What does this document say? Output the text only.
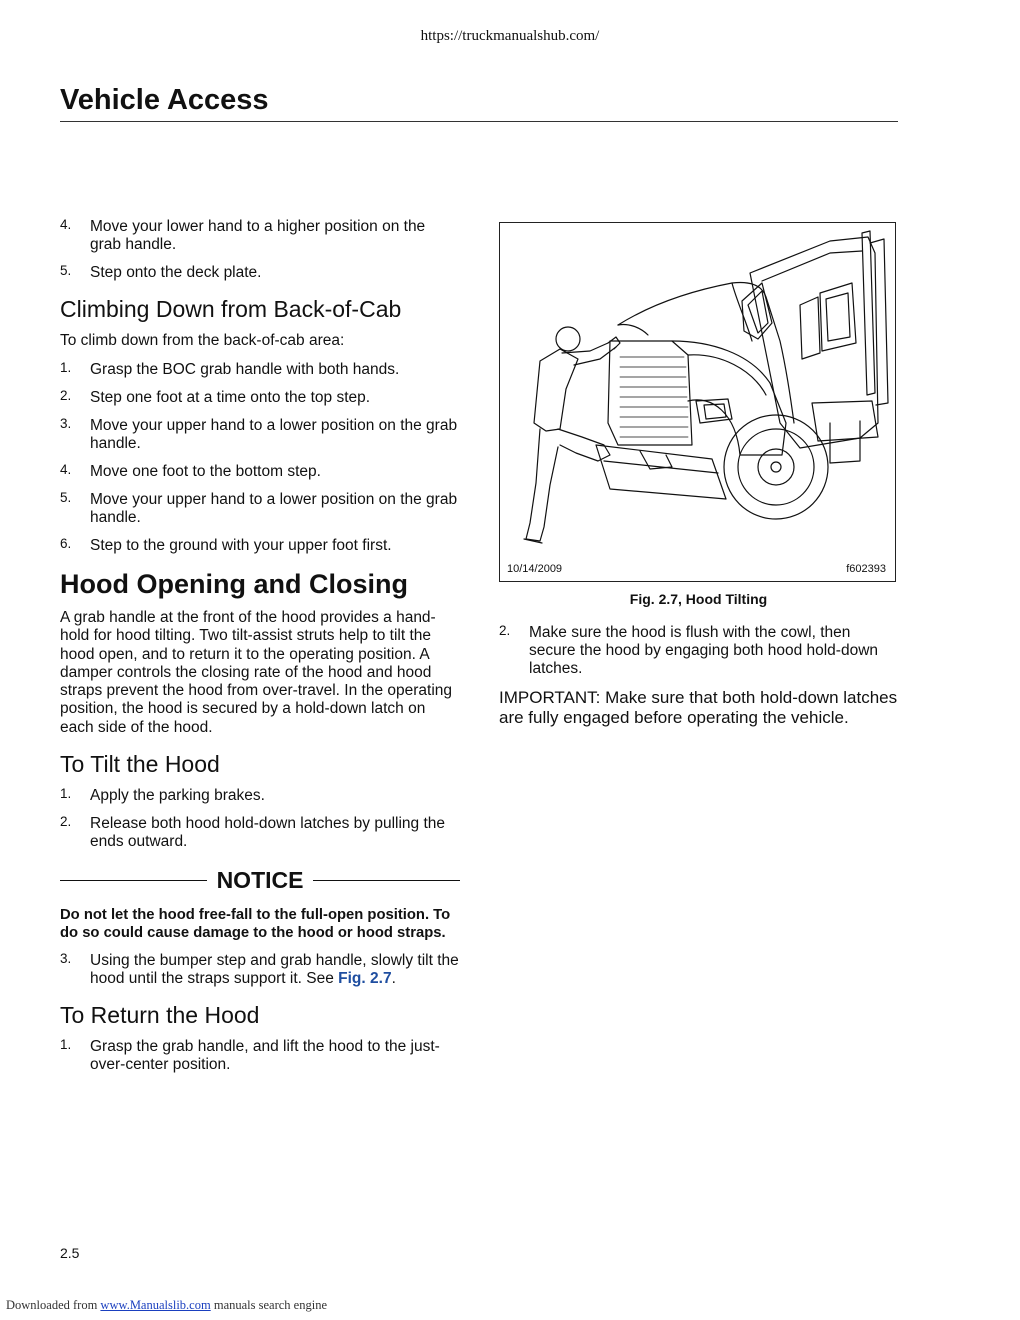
https://truckmanualshub.com/
Vehicle Access
4. Move your lower hand to a higher position on the grab handle.
5. Step onto the deck plate.
Climbing Down from Back-of-Cab

To climb down from the back-of-cab area:

1. Grasp the BOC grab handle with both hands.
2. Step one foot at a time onto the top step.
3. Move your upper hand to a lower position on the grab handle.
4. Move one foot to the bottom step.
5. Move your upper hand to a lower position on the grab handle.
6. Step to the ground with your upper foot first.
Hood Opening and Closing

A grab handle at the front of the hood provides a hand-hold for hood tilting. Two tilt-assist struts help to tilt the hood open, and to return it to the operating position. A damper controls the closing rate of the hood and hood straps prevent the hood from over-travel. In the operating position, the hood is secured by a hold-down latch on each side of the hood.

To Tilt the Hood
1. Apply the parking brakes.
2. Release both hood hold-down latches by pulling the ends outward.
NOTICE

Do not let the hood free-fall to the full-open position. To do so could cause damage to the hood or hood straps.

3. Using the bumper step and grab handle, slowly tilt the hood until the straps support it. See Fig. 2.7.
To Return the Hood
1. Grasp the grab handle, and lift the hood to the just-over-center position.
10/14/2009	f602393
Fig. 2.7, Hood Tilting
2. Make sure the hood is flush with the cowl, then secure the hood by engaging both hood hold-down latches.

IMPORTANT: Make sure that both hold-down latches are fully engaged before operating the vehicle.

2.5
Downloaded from www.Manualslib.com manuals search engine
